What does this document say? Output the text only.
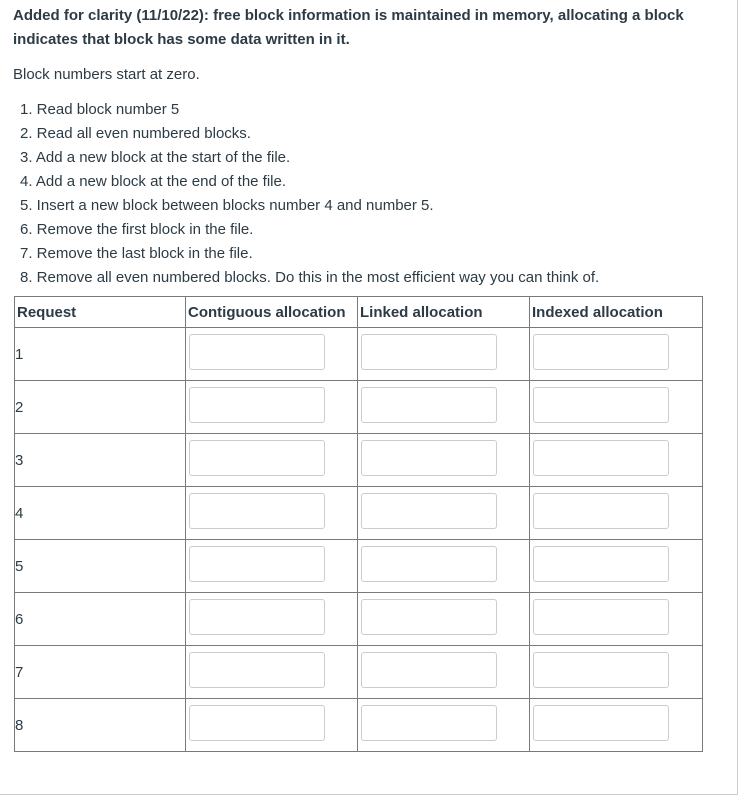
Added for clarity (11/10/22): free block information is maintained in memory, allocating a block indicates that block has some data written in it.
Block numbers start at zero.
1. Read block number 5
2. Read all even numbered blocks.
3. Add a new block at the start of the file.
4. Add a new block at the end of the file.
5. Insert a new block between blocks number 4 and number 5.
6. Remove the first block in the file.
7. Remove the last block in the file.
8. Remove all even numbered blocks. Do this in the most efficient way you can think of.
Request	Contiguous allocation	Linked allocation	Indexed allocation
1	

2	

3	

4	

5	

6	

7	

8	
